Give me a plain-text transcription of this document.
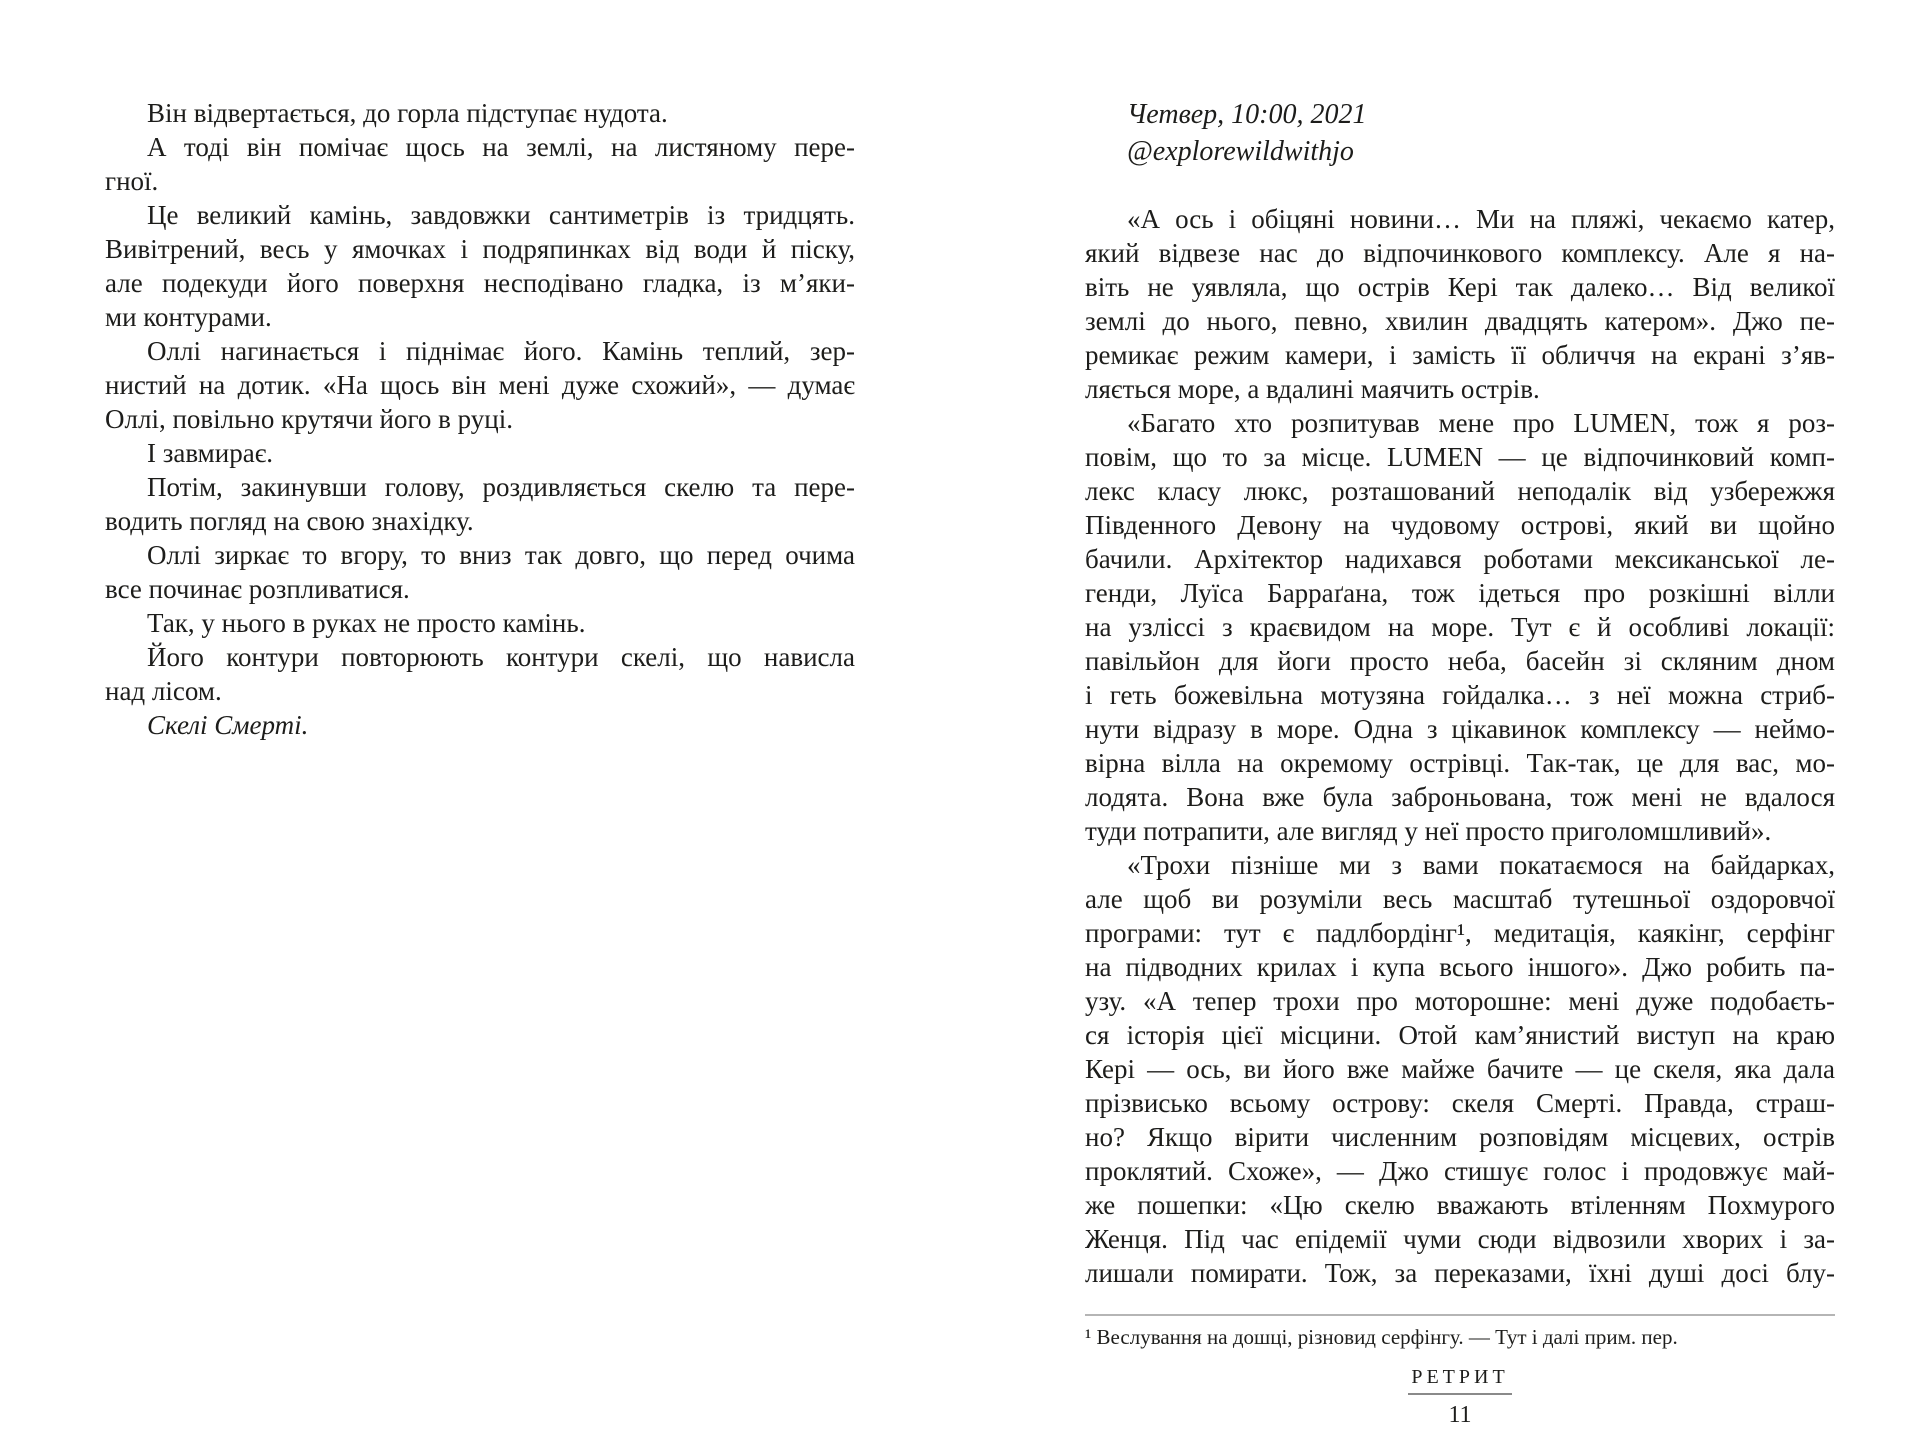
Він відвертається, до горла підступає нудота.
А тоді він помічає щось на землі, на листяному пере-
гної.
Це великий камінь, завдовжки сантиметрів із тридцять.
Вивітрений, весь у ямочках і подряпинках від води й піску,
але подекуди його поверхня несподівано гладка, із м’яки-
ми контурами.
Оллі нагинається і піднімає його. Камінь теплий, зер-
нистий на дотик. «На щось він мені дуже схожий», — думає
Оллі, повільно крутячи його в руці.
І завмирає.
Потім, закинувши голову, роздивляється скелю та пере-
водить погляд на свою знахідку.
Оллі зиркає то вгору, то вниз так довго, що перед очима
все починає розпливатися.
Так, у нього в руках не просто камінь.
Його контури повторюють контури скелі, що нависла
над лісом.
Скелі Смерті.
Четвер, 10:00, 2021
@explorewildwithjo
«А ось і обіцяні новини… Ми на пляжі, чекаємо катер,
який відвезе нас до відпочинкового комплексу. Але я на-
віть не уявляла, що острів Кері так далеко… Від великої
землі до нього, певно, хвилин двадцять катером». Джо пе-
ремикає режим камери, і замість її обличчя на екрані з’яв-
ляється море, а вдалині маячить острів.
«Багато хто розпитував мене про LUMEN, тож я роз-
повім, що то за місце. LUMEN — це відпочинковий комп-
лекс класу люкс, розташований неподалік від узбережжя
Південного Девону на чудовому острові, який ви щойно
бачили. Архітектор надихався роботами мексиканської ле-
генди, Луїса Барраґана, тож ідеться про розкішні вілли
на узліссі з краєвидом на море. Тут є й особливі локації:
павільйон для йоги просто неба, басейн зі скляним дном
і геть божевільна мотузяна гойдалка… з неї можна стриб-
нути відразу в море. Одна з цікавинок комплексу — неймо-
вірна вілла на окремому острівці. Так-так, це для вас, мо-
лодята. Вона вже була заброньована, тож мені не вдалося
туди потрапити, але вигляд у неї просто приголомшливий».
«Трохи пізніше ми з вами покатаємося на байдарках,
але щоб ви розуміли весь масштаб тутешньої оздоровчої
програми: тут є падлбордінг¹, медитація, каякінг, серфінг
на підводних крилах і купа всього іншого». Джо робить па-
узу. «А тепер трохи про моторошне: мені дуже подобаєть-
ся історія цієї місцини. Отой кам’янистий виступ на краю
Кері — ось, ви його вже майже бачите — це скеля, яка дала
прізвисько всьому острову: скеля Смерті. Правда, страш-
но? Якщо вірити численним розповідям місцевих, острів
проклятий. Схоже», — Джо стишує голос і продовжує май-
же пошепки: «Цю скелю вважають втіленням Похмурого
Женця. Під час епідемії чуми сюди відвозили хворих і за-
лишали помирати. Тож, за переказами, їхні душі досі блу-
¹ Веслування на дошці, різновид серфінгу. — Тут і далі прим. пер.
РЕТРИТ
11
